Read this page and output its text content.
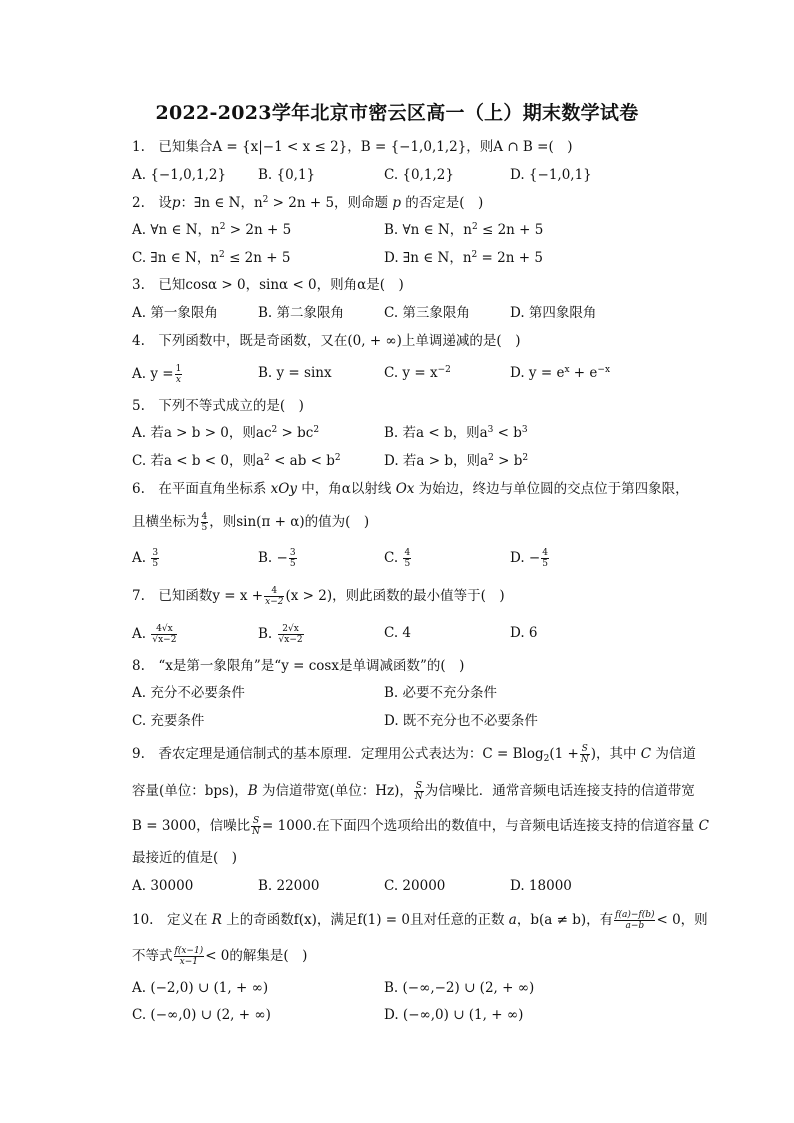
2022-2023学年北京市密云区高一（上）期末数学试卷
1.　已知集合A = {x|−1 < x ≤ 2}，B = {−1,0,1,2}，则A ∩ B =(　)
A. {−1,0,1,2} B. {0,1}	C. {0,1,2}	D. {−1,0,1}
2.　设p：∃n ∈ N，$n^2 > 2n + 5$，则命题 p 的否定是(　)
A. ∀n ∈ N，$n^2 > 2n + 5$	B. ∀n ∈ N，$n^2 \le 2n + 5$
C. ∃n ∈ N，$n^2 \le 2n + 5$	D. ∃n ∈ N，$n^2 = 2n + 5$
3.　已知cosα > 0，sinα < 0，则角α是(　)
A. 第一象限角	B. 第二象限角	C. 第三象限角	D. 第四象限角
4.　下列函数中，既是奇函数，又在(0, + ∞)上单调递减的是(　)
A. $y = \frac{1}{x}$	B. y = sinx	C. $y = x^{-2}$	D. $y = e^x + e^{-x}$
5.　下列不等式成立的是(　)
A. 若a > b > 0，则$ac^2 > bc^2$	B. 若a < b，则$a^3 < b^3$
C. 若a < b < 0，则$a^2$ < ab < $b^2$	D. 若a > b，则$a^2 > b^2$
6.　在平面直角坐标系 xOy 中，角α以射线 Ox 为始边，终边与单位圆的交点位于第四象限，
且横坐标为 $\frac{4}{5}$ ，则sin(π + α)的值为(　)
A. $\frac{3}{5}$	B. − $\frac{3}{5}$	C. $\frac{4}{5}$	D. − $\frac{4}{5}$
7.　已知函数$y = x + \frac{4}{x-2} (x > 2)$，则此函数的最小值等于(　)
A. $\frac{4√x}{√x-2}$	B. $\frac{2√x}{√x-2}$	C. 4	D. 6
8.　“x是第一象限角”是“y = cosx是单调减函数”的(　)
A. 充分不必要条件	B. 必要不充分条件
C. 充要条件	D. 既不充分也不必要条件
9.　香农定理是通信制式的基本原理．定理用公式表达为：$C = Blog_2(1 + \frac{S}{N}$ )，其中 C 为信道
容量(单位：bps)，B 为信道带宽(单位：Hz)， $\frac{S}{N}$ 为信噪比．通常音频电话连接支持的信道带宽
B = 3000，信噪比 $\frac{S}{N} = 1000$.在下面四个选项给出的数值中，与音频电话连接支持的信道容量 C
最接近的值是(　)
A. 30000	B. 22000	C. 20000	D. 18000
10.　定义在 R 上的奇函数f(x)，满足f(1) = 0且对任意的正数 a，b(a ≠ b)，有 $\frac{f(a)-f(b)}{a-b} < 0$，则
不等式 $\frac{f(x-1)}{x-1} < 0$的解集是(　)
A. (−2,0) ∪ (1, + ∞)	B. (−∞,−2) ∪ (2, + ∞)
C. (−∞,0) ∪ (2, + ∞)	D. (−∞,0) ∪ (1, + ∞)
